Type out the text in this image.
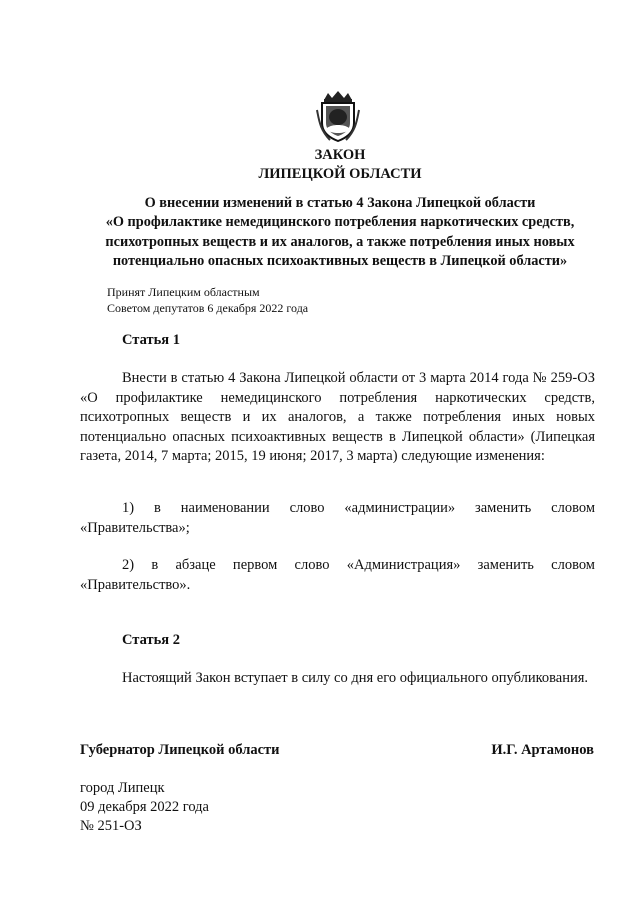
ЗАКОН
ЛИПЕЦКОЙ ОБЛАСТИ
О внесении изменений в статью 4 Закона Липецкой области
«О профилактике немедицинского потребления наркотических средств,
психотропных веществ и их аналогов, а также потребления иных новых
потенциально опасных психоактивных веществ в Липецкой области»
Принят Липецким областным
Советом депутатов 6 декабря 2022 года
Статья 1
Внести в статью 4 Закона Липецкой области от 3 марта 2014 года № 259-ОЗ «О профилактике немедицинского потребления наркотических средств, психотропных веществ и их аналогов, а также потребления иных новых потенциально опасных психоактивных веществ в Липецкой области» (Липецкая газета, 2014, 7 марта; 2015, 19 июня; 2017, 3 марта) следующие изменения:
1) в наименовании слово «администрации» заменить словом «Правительства»;
2) в абзаце первом слово «Администрация» заменить словом «Правительство».
Статья 2
Настоящий Закон вступает в силу со дня его официального опубликования.
Губернатор Липецкой области	И.Г. Артамонов
город Липецк
09 декабря 2022 года
№ 251-ОЗ
